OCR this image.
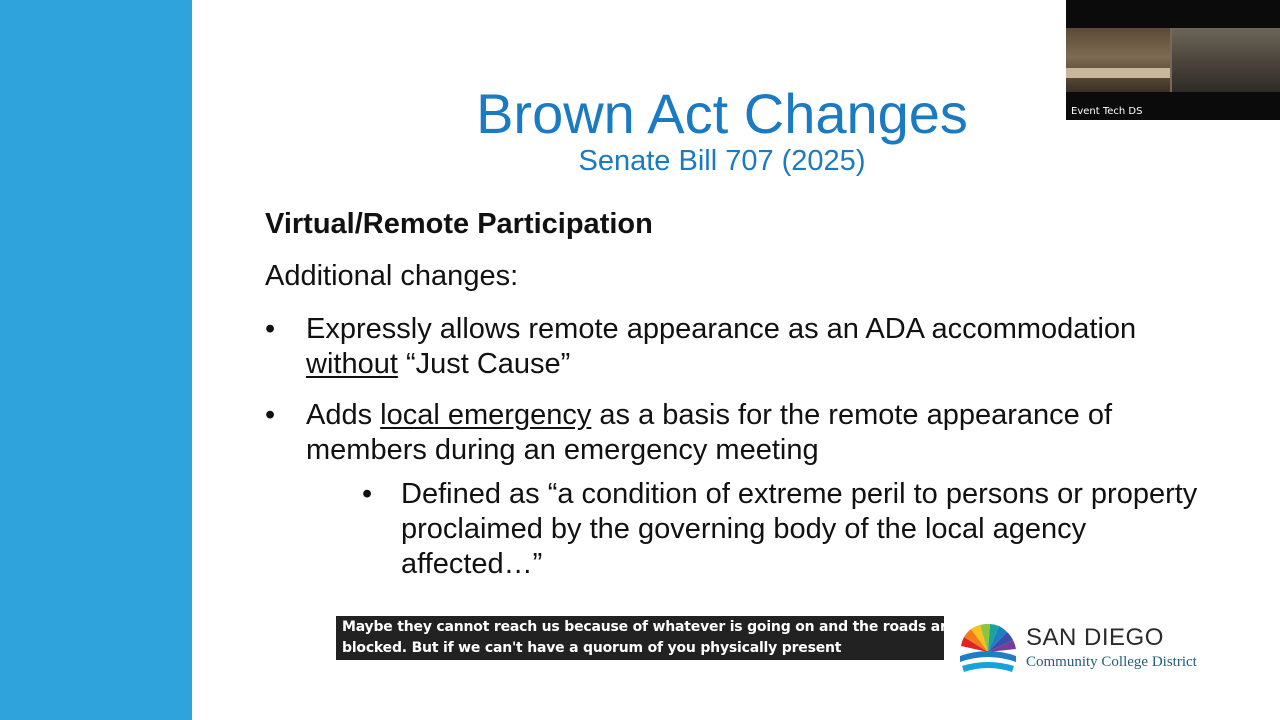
Brown Act Changes
Senate Bill 707 (2025)
Virtual/Remote Participation
Additional changes:
• Expressly allows remote appearance as an ADA accommodation without “Just Cause”
• Adds local emergency as a basis for the remote appearance of members during an emergency meeting
• Defined as “a condition of extreme peril to persons or property proclaimed by the governing body of the local agency affected…”
Event Tech DS
Maybe they cannot reach us because of whatever is going on and the roads are
blocked. But if we can't have a quorum of you physically present	SAN DIEGO
Community College District
